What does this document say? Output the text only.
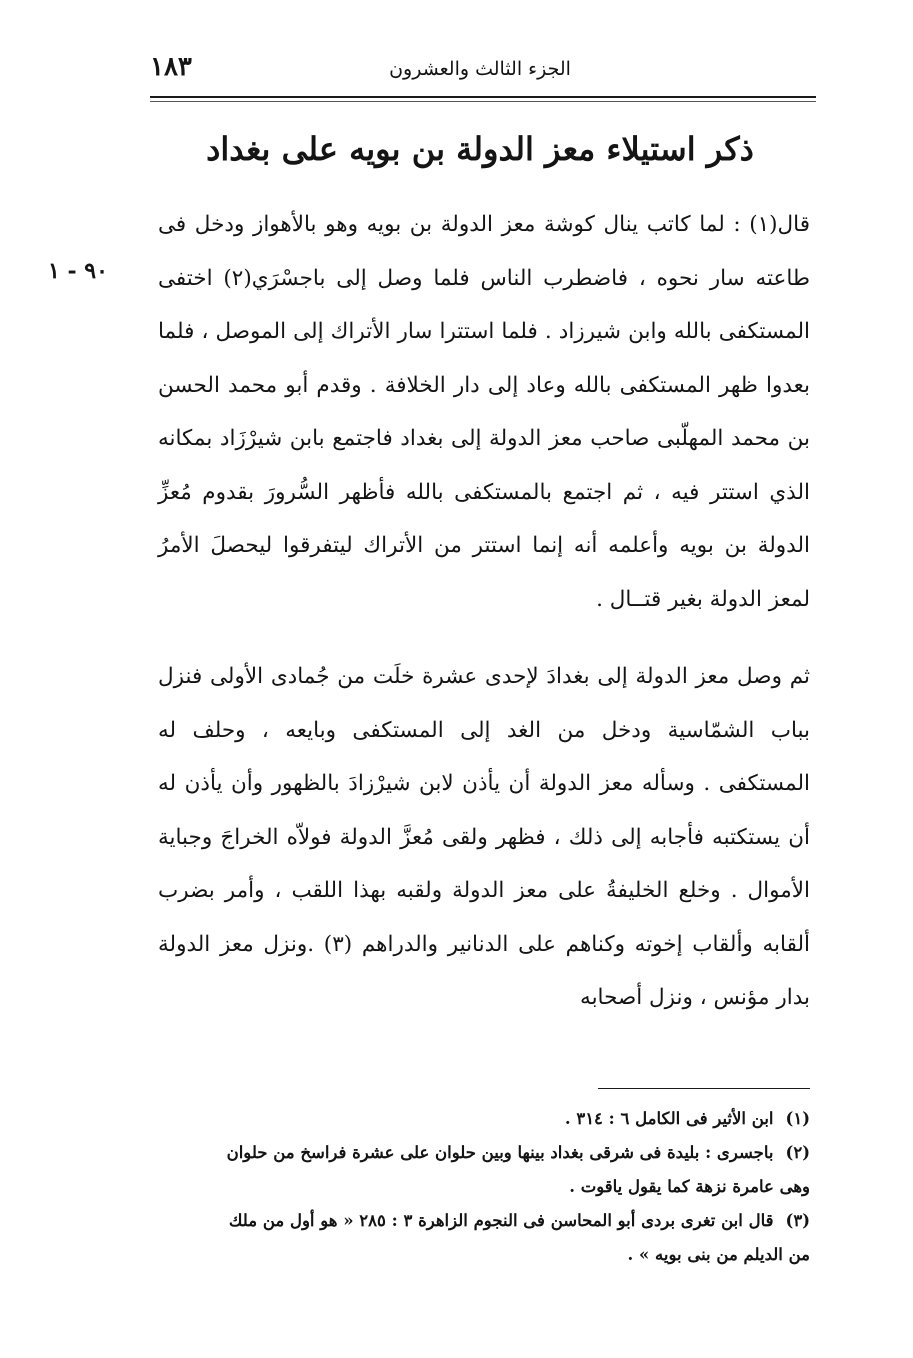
١٨٣	الجزء الثالث والعشرون
ذكر استيلاء معز الدولة بن بويه على بغداد
٩٠ - ١

قال(١) : لما كاتب ينال كوشة معز الدولة بن بويه وهو بالأهواز ودخل فى طاعته سار نحوه ، فاضطرب الناس فلما وصل إلى باجسْرَي(٢) اختفى المستكفى بالله وابن شيرزاد . فلما استترا سار الأتراك إلى الموصل ، فلما بعدوا ظهر المستكفى بالله وعاد إلى دار الخلافة . وقدم أبو محمد الحسن بن محمد المهلّبى صاحب معز الدولة إلى بغداد فاجتمع بابن شيرْزَاد بمكانه الذي استتر فيه ، ثم اجتمع بالمستكفى بالله فأظهر السُّرورَ بقدوم مُعزِّ الدولة بن بويه وأعلمه أنه إنما استتر من الأتراك ليتفرقوا ليحصلَ الأمرُ لمعز الدولة بغير قتــال .

ثم وصل معز الدولة إلى بغدادَ لإحدى عشرة خلَت من جُمادى الأولى فنزل بباب الشمّاسية ودخل من الغد إلى المستكفى وبايعه ، وحلف له المستكفى . وسأله معز الدولة أن يأذن لابن شيرْزادَ بالظهور وأن يأذن له أن يستكتبه فأجابه إلى ذلك ، فظهر ولقى مُعزَّ الدولة فولاّه الخراجَ وجباية الأموال . وخلع الخليفةُ على معز الدولة ولقبه بهذا اللقب ، وأمر بضرب ألقابه وألقاب إخوته وكناهم على الدنانير والدراهم (٣) .ونزل معز الدولة بدار مؤنس ، ونزل أصحابه

(١)ابن الأثير فى الكامل ٦ : ٣١٤ .

(٢)باجسرى : بليدة فى شرقى بغداد بينها وبين حلوان على عشرة فراسخ من حلوان

وهى عامرة نزهة كما يقول ياقوت .

(٣)قال ابن تغرى بردى أبو المحاسن فى النجوم الزاهرة ٣ : ٢٨٥ « هو أول من ملك

من الديلم من بنى بويه » .
